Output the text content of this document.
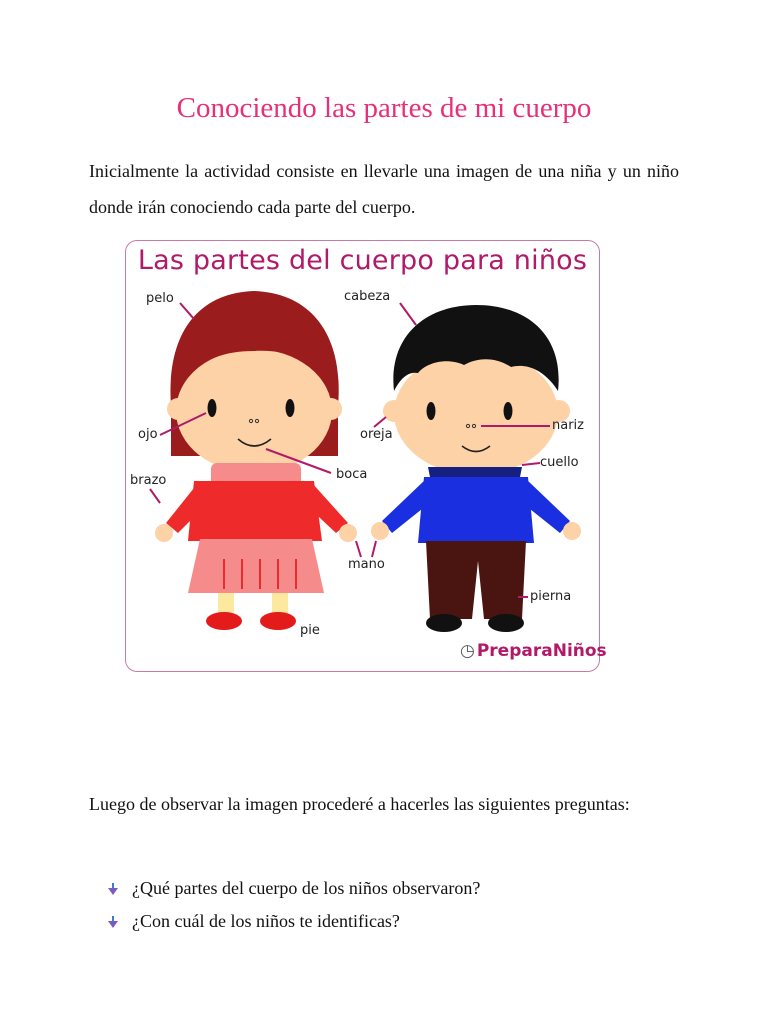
Conociendo las partes de mi cuerpo

Inicialmente la actividad consiste en llevarle una imagen de una niña y un niño donde irán conociendo cada parte del cuerpo.

Las partes del cuerpo para niños
pelo	cabeza
ojo	oreja
nariz
boca
cuello
brazo
mano
pierna
pie
◷ PreparaNiños

Luego de observar la imagen procederé a hacerles las siguientes preguntas:

¿Qué partes del cuerpo de los niños observaron?
¿Con cuál de los niños te identificas?
